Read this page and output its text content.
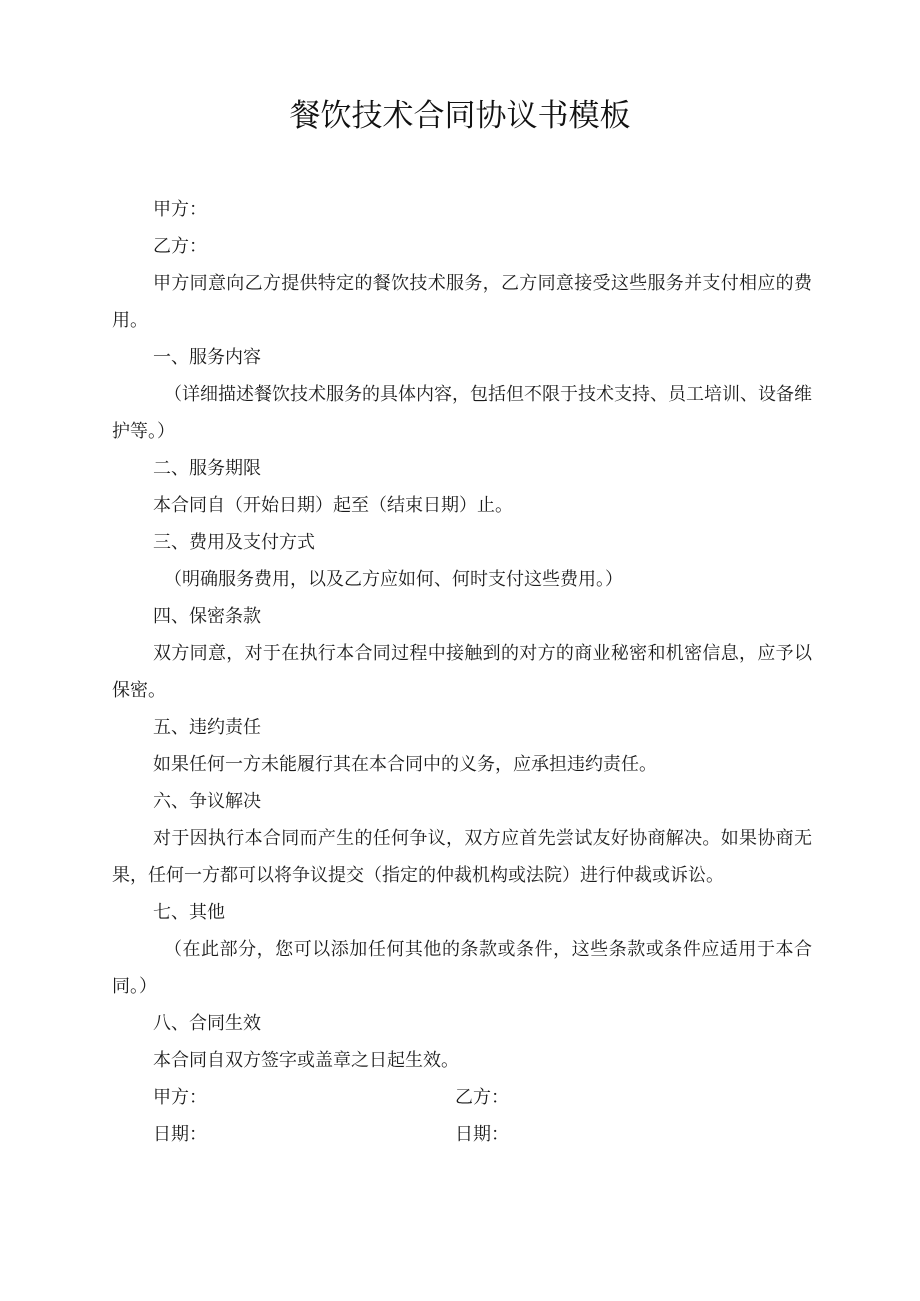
餐饮技术合同协议书模板

甲方：

乙方：

甲方同意向乙方提供特定的餐饮技术服务，乙方同意接受这些服务并支付相应的费用。

一、服务内容

（详细描述餐饮技术服务的具体内容，包括但不限于技术支持、员工培训、设备维护等。）

二、服务期限

本合同自（开始日期）起至（结束日期）止。

三、费用及支付方式

（明确服务费用，以及乙方应如何、何时支付这些费用。）

四、保密条款

双方同意，对于在执行本合同过程中接触到的对方的商业秘密和机密信息，应予以保密。

五、违约责任

如果任何一方未能履行其在本合同中的义务，应承担违约责任。

六、争议解决

对于因执行本合同而产生的任何争议，双方应首先尝试友好协商解决。如果协商无果，任何一方都可以将争议提交（指定的仲裁机构或法院）进行仲裁或诉讼。

七、其他

（在此部分，您可以添加任何其他的条款或条件，这些条款或条件应适用于本合同。）

八、合同生效

本合同自双方签字或盖章之日起生效。

甲方：	乙方：
日期：	日期：
